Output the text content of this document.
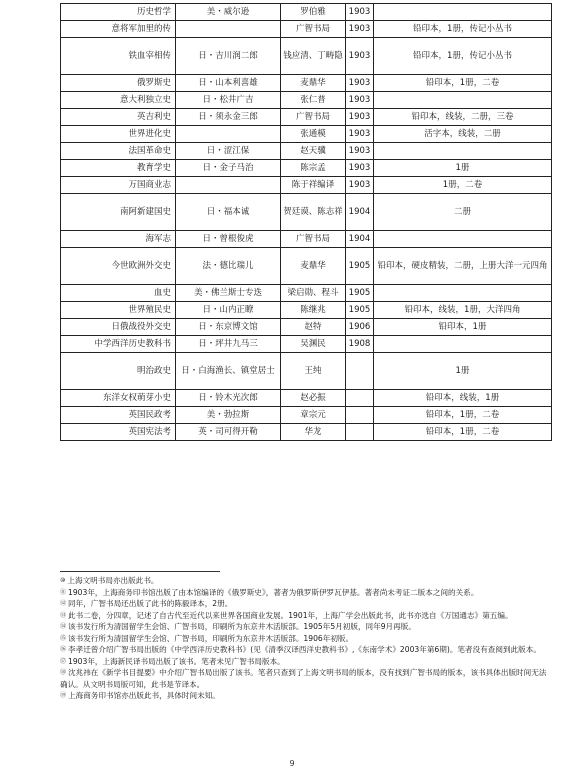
历史哲学	美・威尔逊	罗伯雅	1903	
意将军加里的传		广智书局	1903	铅印本，1册，传记小丛书
铁血宰相传	日・吉川润二郎	钱应清、丁畴隐	1903	铅印本，1册，传记小丛书
俄罗斯史	日・山本利喜雄	麦鼎华	1903	铅印本，1册，二卷
意大利独立史	日・松井广吉	张仁普	1903	
英吉利史	日・须永金三郎	广智书局	1903	铅印本，线装，二册，三卷
世界进化史		张通模	1903	活字本，线装，二册
法国革命史	日・涩江保	赵天骥	1903	
教育学史	日・金子马治	陈宗孟	1903	1册
万国商业志		陈于祥编译	1903	1册，二卷
南阿新建国史	日・福本诚	贺廷谟、陈志祥	1904	二册
海军志	日・曾根俊虎	广智书局	1904	
今世欧洲外交史	法・德比瑞儿	麦鼎华	1905	铅印本，硬皮精装，二册，上册大洋一元四角
血史	美・佛兰斯士专迭	梁启勋、程斗	1905	
世界殖民史	日・山内正瞭	陈继兆	1905	铅印本，线装，1册，大洋四角
日俄战役外交史	日・东京博文馆	赵特	1906	铅印本，1册
中学西洋历史教科书	日・坪井九马三	吴渊民	1908	
明治政史	日・白海渔长、镇堂居士	王纯		1册
东洋女权萌芽小史	日・铃木光次郎	赵必振		铅印本，线装，1册
英国民政考	美・勃拉斯	章宗元		铅印本，1册，二卷
英国宪法考	英・司可得开勒	华龙		铅印本，1册，二卷

⑩ 上海文明书局亦出版此书。

⑪ 1903年，上海商务印书馆出版了由本馆编译的《俄罗斯史》，著者为俄罗斯伊罗瓦伊基。著者尚未考证二版本之间的关系。

⑫ 同年，广智书局还出版了此书的陈毅译本，2册。

⑬ 此书二卷，分四章，记述了自古代至近代以来世界各国商业发展。1901年，上海广学会出版此书，此书亦选自《万国通志》第五编。

⑭ 该书发行所为清国留学生会馆、广智书局，印刷所为东京井木活版部。1905年5月初版，同年9月再版。

⑮ 该书发行所为清国留学生会馆、广智书局，印刷所为东京井木活版部。1906年初版。

⑯ 李孝迁曾介绍广智书局出版的《中学西洋历史教科书》(见《清季汉译西洋史教科书》,《东南学术》2003年第6期)。笔者没有查阅到此版本。

⑰ 1903年，上海新民译书局出版了该书。笔者未见广智书局版本。

⑱ 沈兆祎在《新学书目提要》中介绍广智书局出版了该书。笔者只查到了上海文明书局的版本，没有找到广智书局的版本，该书具体出版时间无法确认。从文明书局版可知，此书是节译本。

⑲ 上海商务印书馆亦出版此书，具体时间未知。

9
